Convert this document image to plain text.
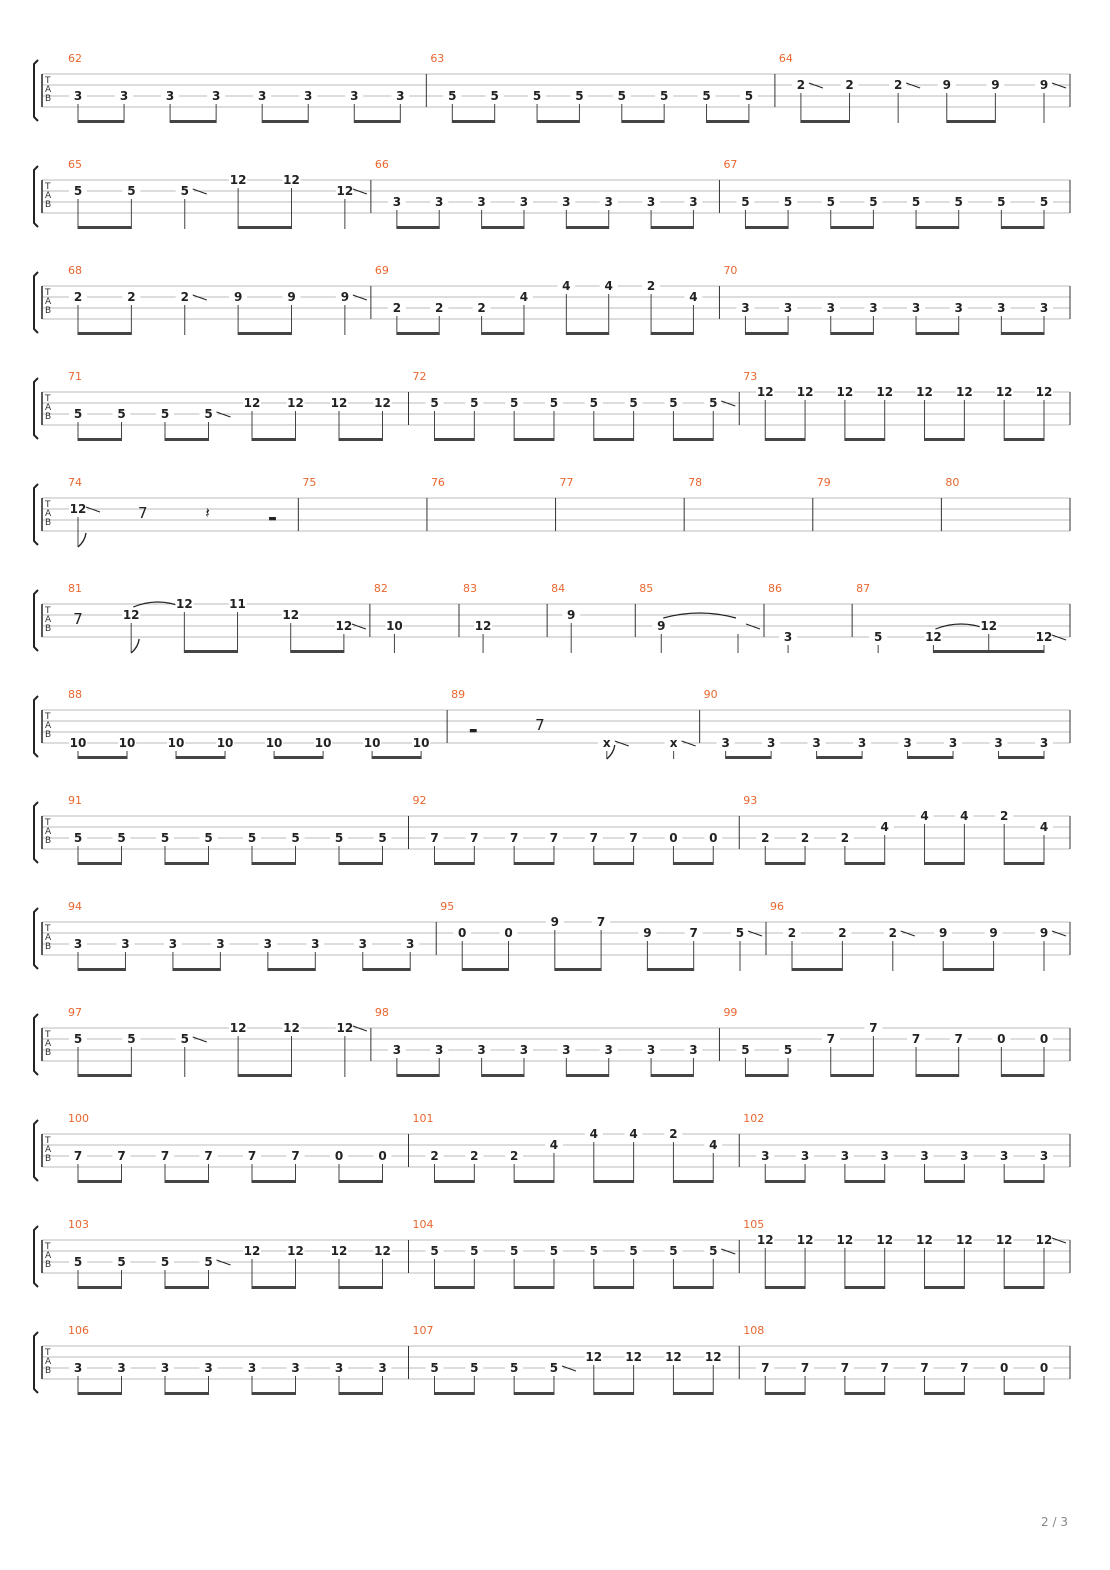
T
A
B
62
3	3	3	3	3	3	3	3
63
5	5	5	5	5	5	5	5
64
2	2	2	9	9	9
T
A
B
65
5	5	5
12	12
12
66
3	3	3	3	3	3	3	3
67
5	5	5	5	5	5	5	5
T
A
B
68
2	2	2	9	9	9
69
2	2	2
4
4	4	2
4
70
3	3	3	3	3	3	3	3
T
A
B
71
5	5	5	5
12 12 12 12
72
5	5	5	5	5	5	5	5
73
12 12 12 12 12 12 12 12
T
A
B
74
12	7	𝄽	▬
75	76	77	78	79	80
T
A
B
81
7	12
12	11
12
12
82
10
83
12
84
9
85
9
86
3
87
5	12
12
12
T
A
B
88
10	10	10	10	10	10	10	10
89
▬	7
x	x
90
3	3	3	3	3	3	3	3
T
A
B
91
5	5	5	5	5	5	5	5
92
7	7	7	7	7	7	0	0
93
2	2	2
4
4	4	2
4
T
A
B
94
3	3	3	3	3	3	3	3
95
0	0
9	7
9	7	5
96
2	2	2	9	9	9
T
A
B
97
5	5	5
12	12	12
98
3	3	3	3	3	3	3	3
99
5	5
7
7
7	7	0	0
T
A
B
100
7	7	7	7	7	7	0	0
101
2	2	2
4
4	4	2
4
102
3	3	3	3	3	3	3	3
T
A
B
103
5	5	5	5
12 12 12 12
104
5	5	5	5	5	5	5	5
105
12 12 12 12 12 12 12 12
T
A
B
106
3	3	3	3	3	3	3	3
107
5	5	5	5
12 12 12 12
108
7	7	7	7	7	7	0	0
2 / 3
